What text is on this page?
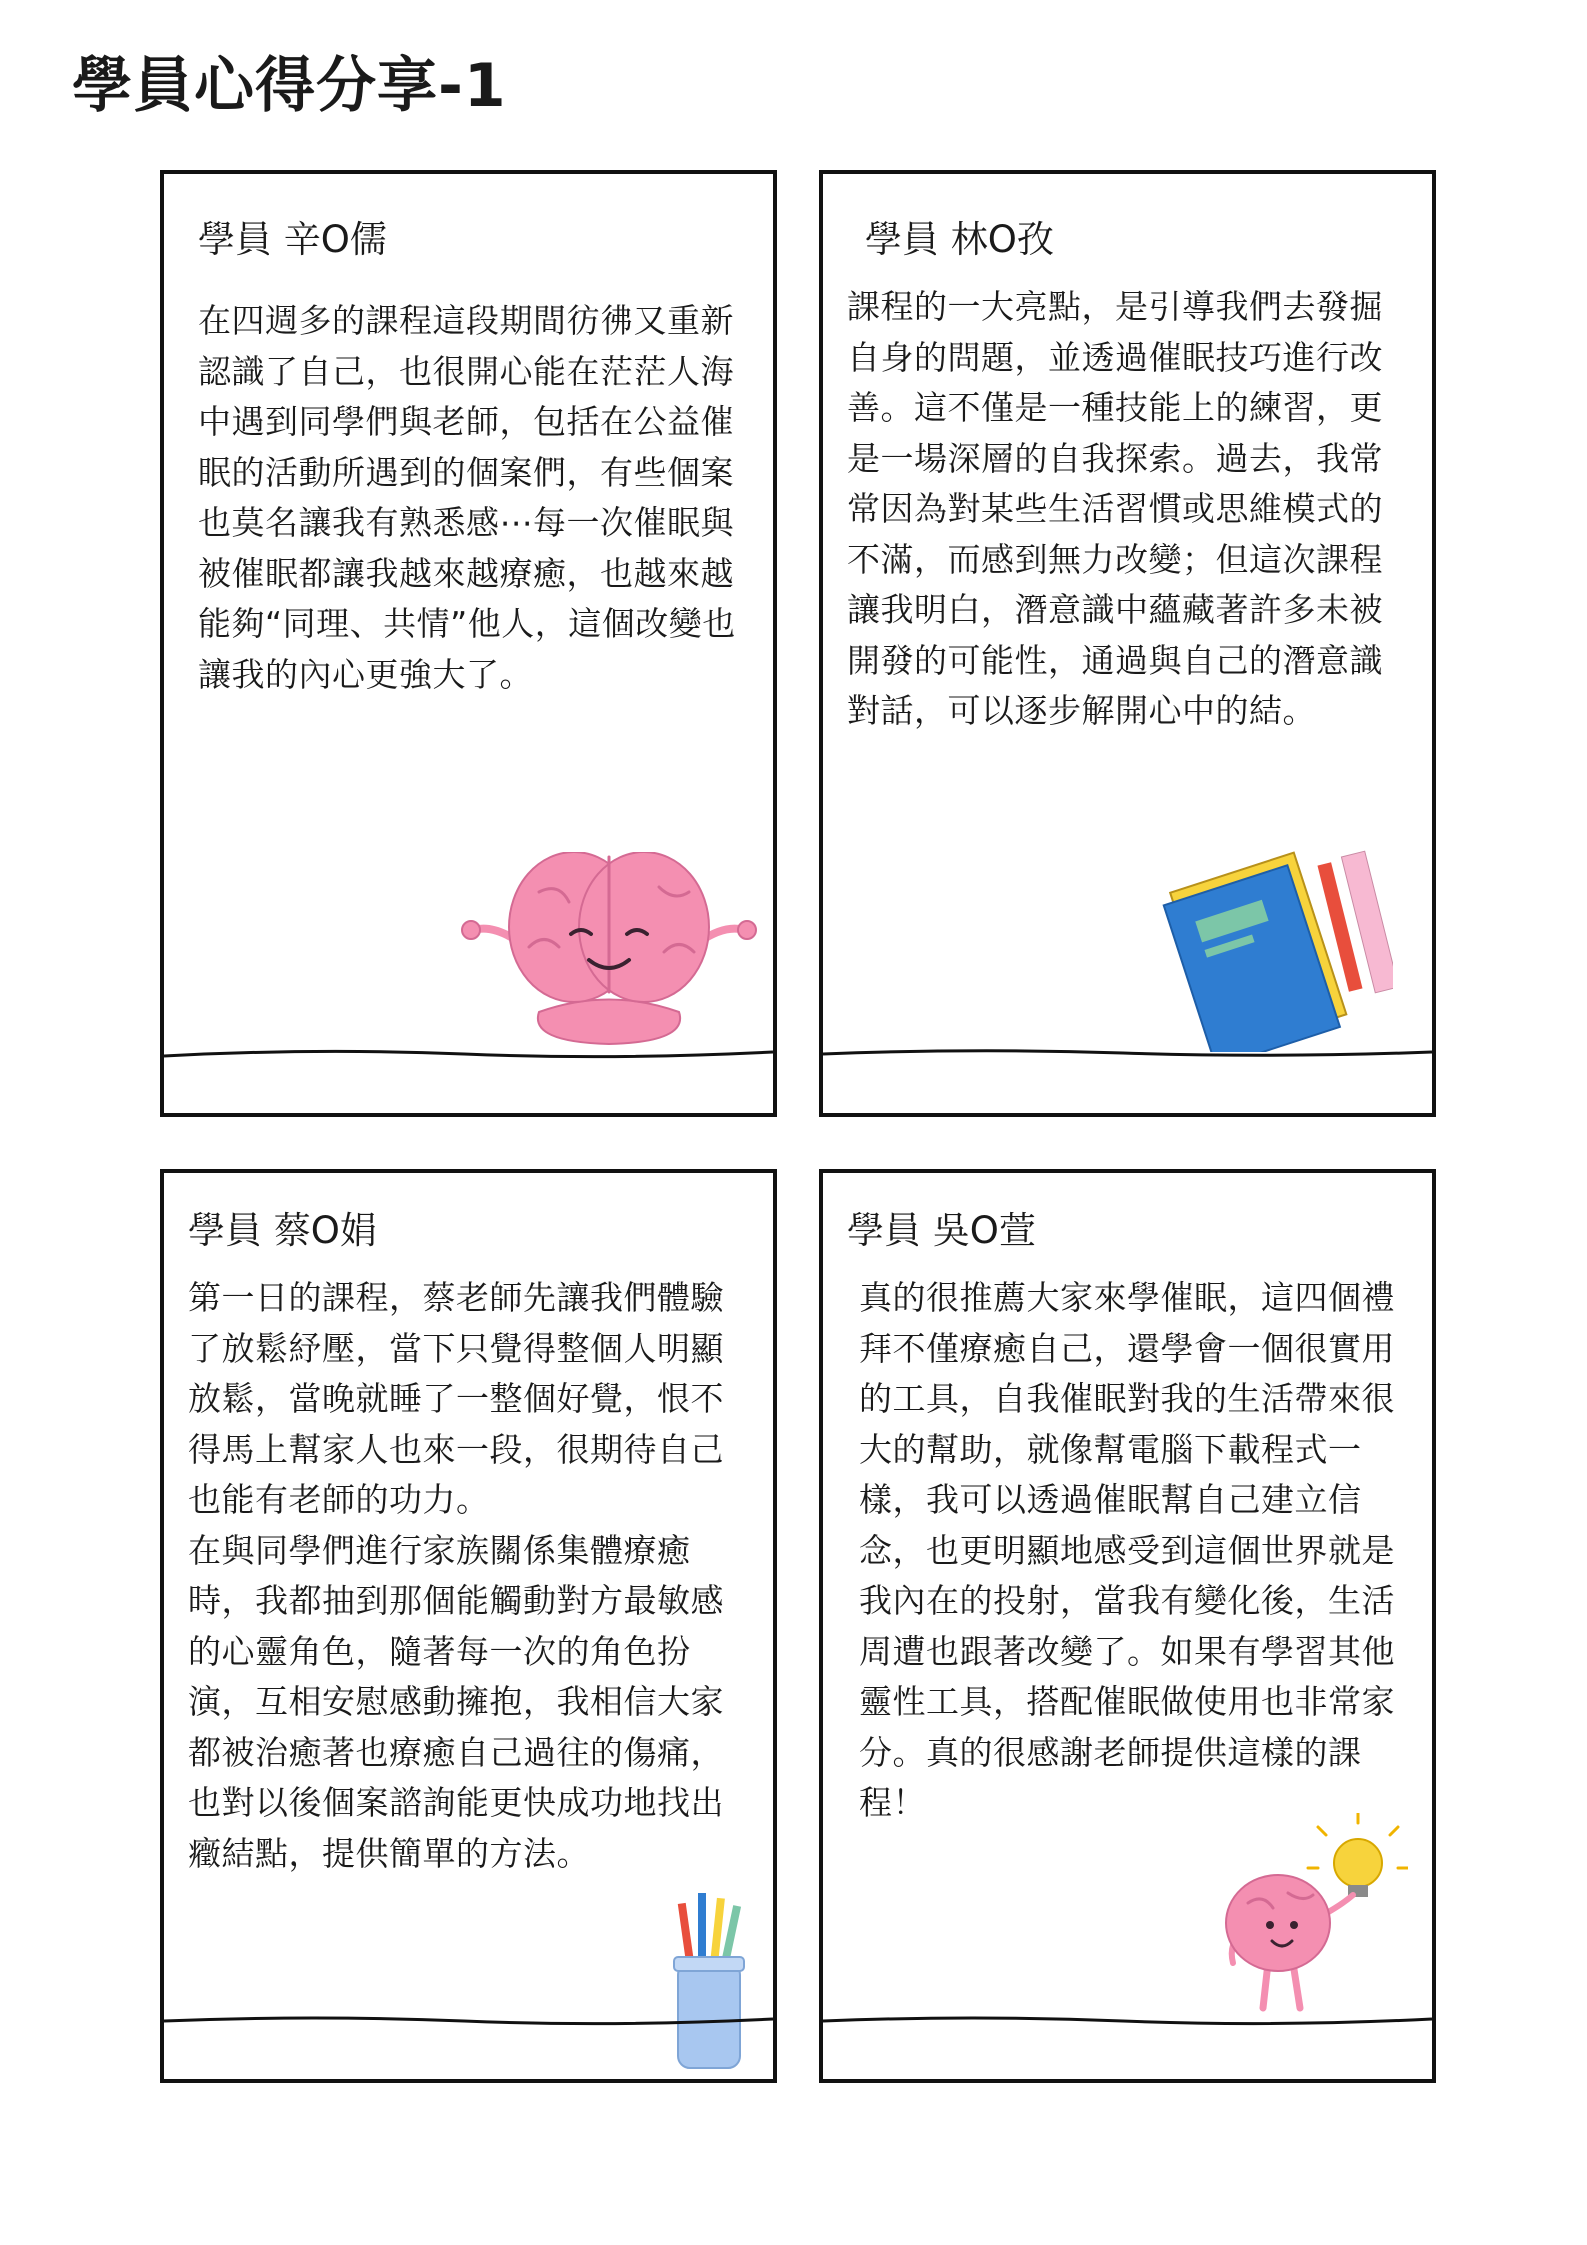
學員心得分享-1
學員 辛O儒

在四週多的課程這段期間彷彿又重新認識了自己，也很開心能在茫茫人海中遇到同學們與老師，包括在公益催眠的活動所遇到的個案們，有些個案也莫名讓我有熟悉感⋯每一次催眠與被催眠都讓我越來越療癒，也越來越能夠“同理、共情”他人，這個改變也讓我的內心更強大了。

學員 林O孜

課程的一大亮點，是引導我們去發掘自身的問題，並透過催眠技巧進行改善。這不僅是一種技能上的練習，更是一場深層的自我探索。過去，我常常因為對某些生活習慣或思維模式的不滿，而感到無力改變；但這次課程讓我明白，潛意識中蘊藏著許多未被開發的可能性，通過與自己的潛意識對話，可以逐步解開心中的結。

學員 蔡O娟

第一日的課程，蔡老師先讓我們體驗了放鬆紓壓，當下只覺得整個人明顯放鬆，當晚就睡了一整個好覺，恨不得馬上幫家人也來一段，很期待自己也能有老師的功力。
在與同學們進行家族關係集體療癒時，我都抽到那個能觸動對方最敏感的心靈角色，隨著每一次的角色扮演，互相安慰感動擁抱，我相信大家都被治癒著也療癒自己過往的傷痛，也對以後個案諮詢能更快成功地找出癥結點，提供簡單的方法。

學員 吳O萱

真的很推薦大家來學催眠，這四個禮拜不僅療癒自己，還學會一個很實用的工具，自我催眠對我的生活帶來很大的幫助，就像幫電腦下載程式一樣，我可以透過催眠幫自己建立信念，也更明顯地感受到這個世界就是我內在的投射，當我有變化後，生活周遭也跟著改變了。如果有學習其他靈性工具，搭配催眠做使用也非常家分。真的很感謝老師提供這樣的課程！
